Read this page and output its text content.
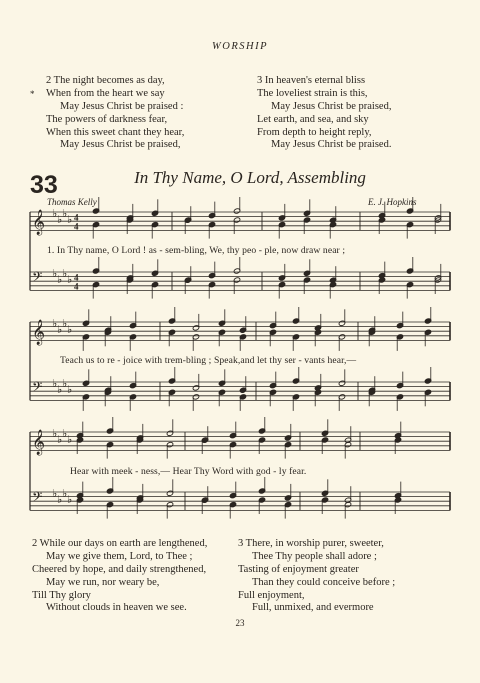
WORSHIP
*
2 The night becomes as day,
When from the heart we say
May Jesus Christ be praised :
The powers of darkness fear,
When this sweet chant they hear,
May Jesus Christ be praised,
3 In heaven's eternal bliss
The loveliest strain is this,
May Jesus Christ be praised,
Let earth, and sea, and sky
From depth to height reply,
May Jesus Christ be praised.
33	In Thy Name, O Lord, Assembling
Thomas Kelly	E. J. Hopkins
𝄞 ♭ ♭ ♭ ♭ 4
4
𝄢 ♭ ♭ ♭ ♭ 4
4
𝄞 ♭ ♭ ♭ ♭
𝄢 ♭ ♭ ♭ ♭
𝄞 ♭ ♭ ♭ ♭
𝄢 ♭ ♭ ♭ ♭
1. In Thy name, O Lord ! as - sem-bling, We, thy peo - ple, now draw near ;
Teach us to re - joice with trem-bling ; Speak,and let thy ser - vants hear,—
Hear with meek - ness,— Hear Thy Word with god - ly fear.
2 While our days on earth are lengthened,
May we give them, Lord, to Thee ;
Cheered by hope, and daily strengthened,
May we run, nor weary be,
Till Thy glory
Without clouds in heaven we see.
3 There, in worship purer, sweeter,
Thee Thy people shall adore ;
Tasting of enjoyment greater
Than they could conceive before ;
Full enjoyment,
Full, unmixed, and evermore
23
